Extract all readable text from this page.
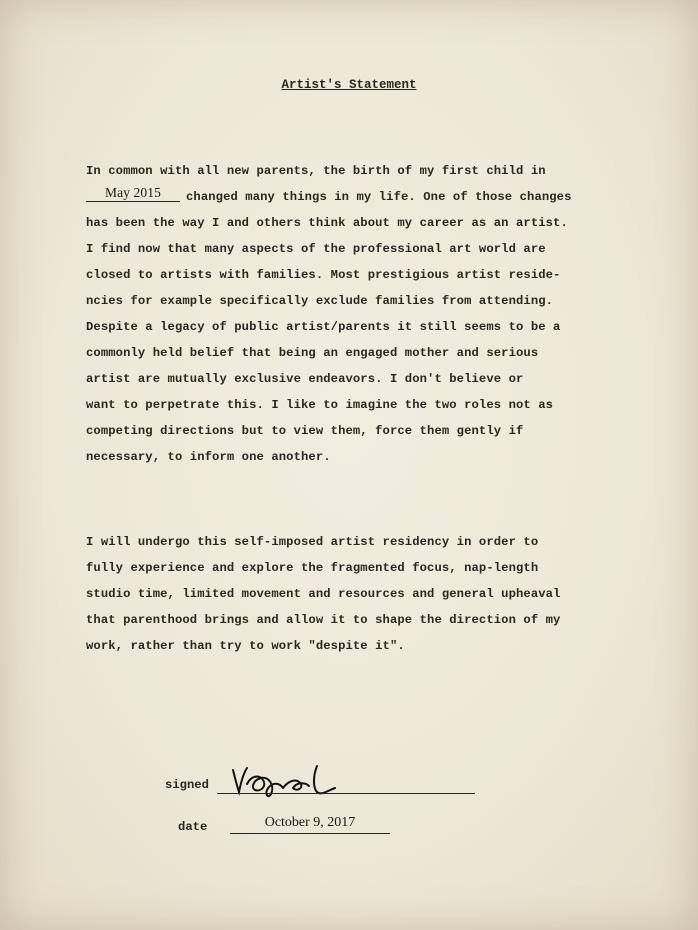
Artist's Statement
In common with all new parents, the birth of my first child in
May 2015 changed many things in my life. One of those changes
has been the way I and others think about my career as an artist.
I find now that many aspects of the professional art world are
closed to artists with families. Most prestigious artist reside-
ncies for example specifically exclude families from attending.
Despite a legacy of public artist/parents it still seems to be a
commonly held belief that being an engaged mother and serious
artist are mutually exclusive endeavors. I don't believe or
want to perpetrate this. I like to imagine the two roles not as
competing directions but to view them, force them gently if
necessary, to inform one another.
I will undergo this self-imposed artist residency in order to
fully experience and explore the fragmented focus, nap-length
studio time, limited movement and resources and general upheaval
that parenthood brings and allow it to shape the direction of my
work, rather than try to work "despite it".
signed
date	October 9, 2017
